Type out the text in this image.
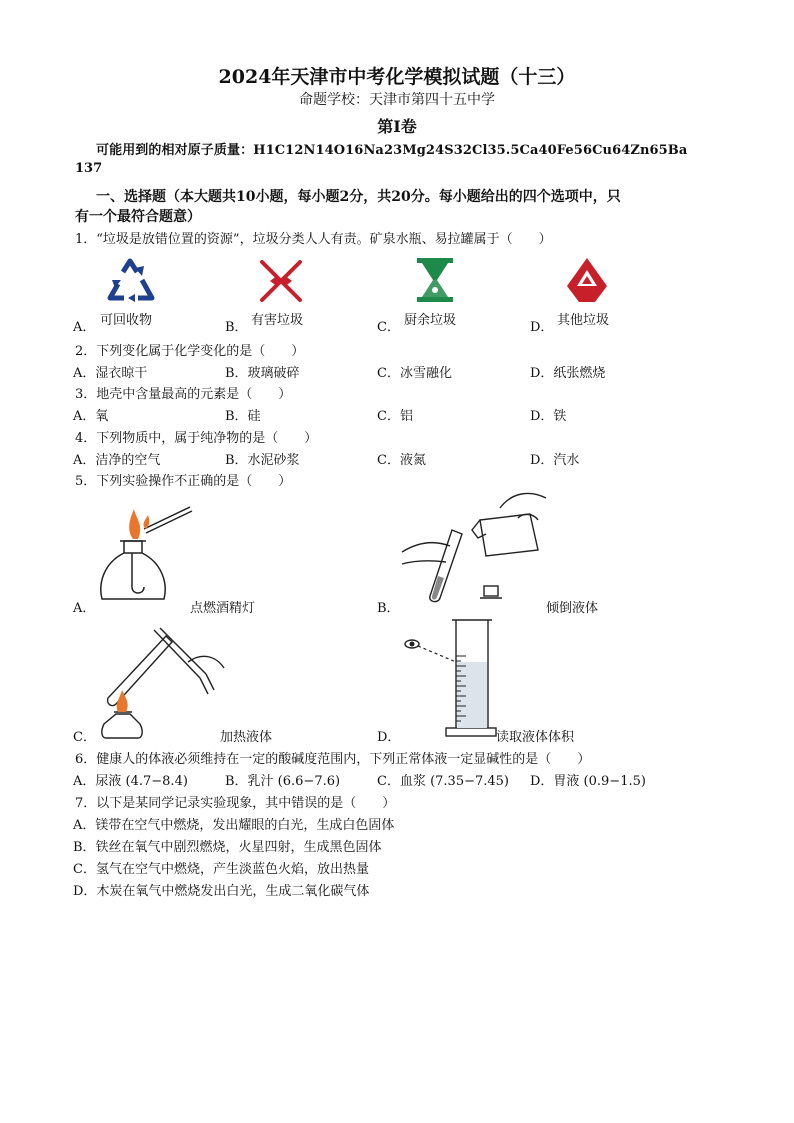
2024年天津市中考化学模拟试题（十三）
命题学校：天津市第四十五中学
第Ⅰ卷
可能用到的相对原子质量：H1C12N14O16Na23Mg24S32Cl35.5Ca40Fe56Cu64Zn65Ba
137
一、选择题（本大题共10小题，每小题2分，共20分。每小题给出的四个选项中，只
有一个最符合题意）
1．“垃圾是放错位置的资源”，垃圾分类人人有责。矿泉水瓶、易拉罐属于（　　）
A． 可回收物	B． 有害垃圾	C． 厨余垃圾	D． 其他垃圾
2．下列变化属于化学变化的是（　　）
A．湿衣晾干	B．玻璃破碎	C．冰雪融化	D．纸张燃烧
3．地壳中含量最高的元素是（　　）
A．氧	B．硅	C．铝	D．铁
4．下列物质中，属于纯净物的是（　　）
A．洁净的空气	B．水泥砂浆	C．液氮	D．汽水
5．下列实验操作不正确的是（　　）
A．	点燃酒精灯	B．	倾倒液体
C．	加热液体	D．	读取液体体积
6．健康人的体液必须维持在一定的酸碱度范围内，下列正常体液一定显碱性的是（　　）
A．尿液 (4.7−8.4)	B．乳汁 (6.6−7.6)	C．血浆 (7.35−7.45) D．胃液 (0.9−1.5)
7．以下是某同学记录实验现象，其中错误的是（　　）
A．镁带在空气中燃烧，发出耀眼的白光，生成白色固体
B．铁丝在氧气中剧烈燃烧，火星四射，生成黑色固体
C．氢气在空气中燃烧，产生淡蓝色火焰，放出热量
D．木炭在氧气中燃烧发出白光，生成二氧化碳气体
